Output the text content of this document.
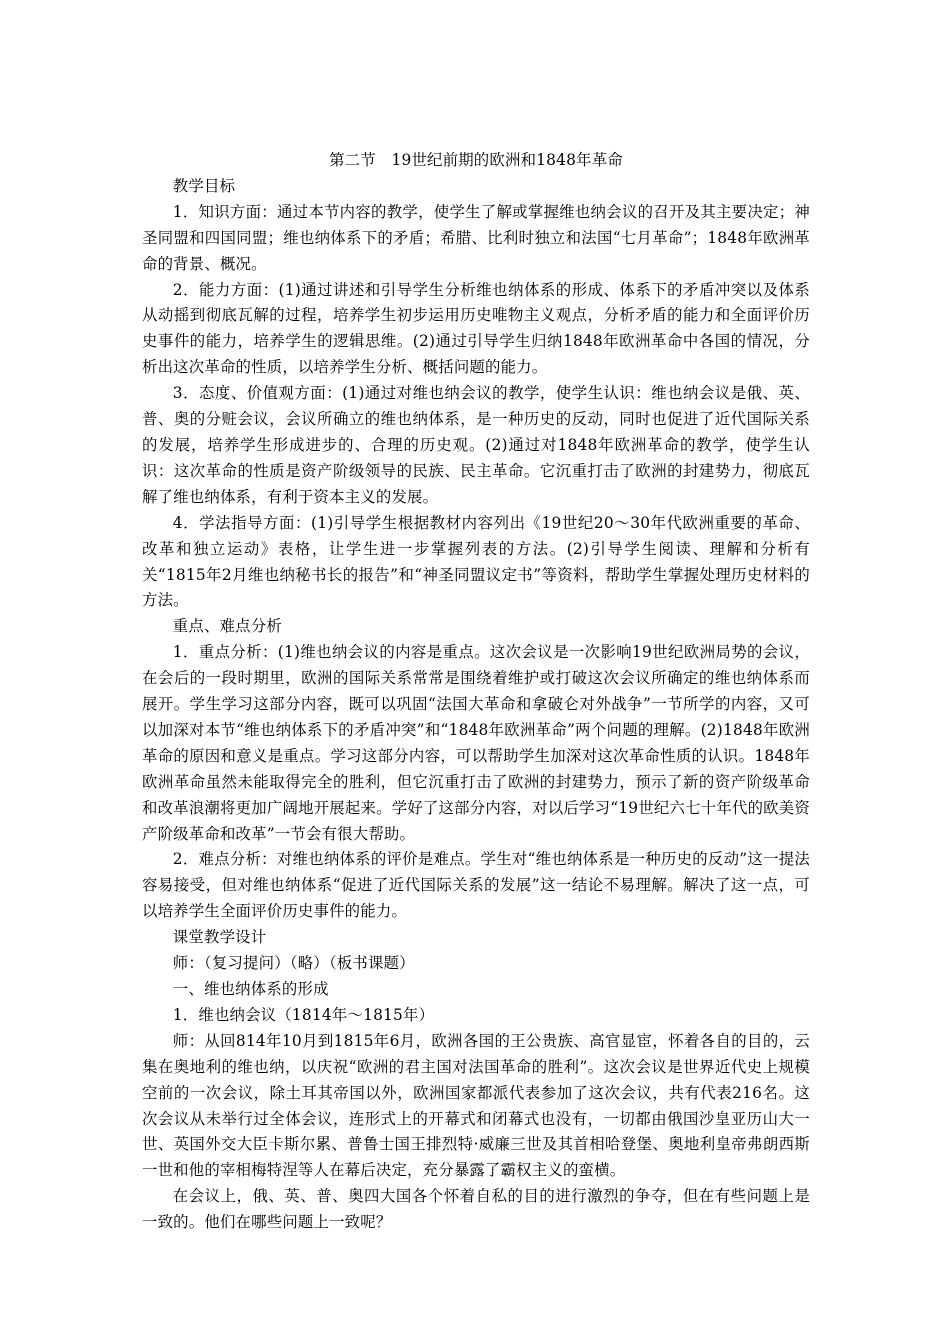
第二节　19世纪前期的欧洲和1848年革命

教学目标

1．知识方面：通过本节内容的教学，使学生了解或掌握维也纳会议的召开及其主要决定；神圣同盟和四国同盟；维也纳体系下的矛盾；希腊、比利时独立和法国“七月革命”；1848年欧洲革命的背景、概况。

2．能力方面：(1)通过讲述和引导学生分析维也纳体系的形成、体系下的矛盾冲突以及体系从动摇到彻底瓦解的过程，培养学生初步运用历史唯物主义观点，分析矛盾的能力和全面评价历史事件的能力，培养学生的逻辑思维。(2)通过引导学生归纳1848年欧洲革命中各国的情况，分析出这次革命的性质，以培养学生分析、概括问题的能力。

3．态度、价值观方面：(1)通过对维也纳会议的教学，使学生认识：维也纳会议是俄、英、普、奥的分赃会议，会议所确立的维也纳体系，是一种历史的反动，同时也促进了近代国际关系的发展，培养学生形成进步的、合理的历史观。(2)通过对1848年欧洲革命的教学，使学生认识：这次革命的性质是资产阶级领导的民族、民主革命。它沉重打击了欧洲的封建势力，彻底瓦解了维也纳体系，有利于资本主义的发展。

4．学法指导方面：(1)引导学生根据教材内容列出《19世纪20～30年代欧洲重要的革命、改革和独立运动》表格，让学生进一步掌握列表的方法。(2)引导学生阅读、理解和分析有关“1815年2月维也纳秘书长的报告”和“神圣同盟议定书”等资料，帮助学生掌握处理历史材料的方法。

重点、难点分析

1．重点分析：(1)维也纳会议的内容是重点。这次会议是一次影响19世纪欧洲局势的会议，在会后的一段时期里，欧洲的国际关系常常是围绕着维护或打破这次会议所确定的维也纳体系而展开。学生学习这部分内容，既可以巩固“法国大革命和拿破仑对外战争”一节所学的内容，又可以加深对本节“维也纳体系下的矛盾冲突”和“1848年欧洲革命”两个问题的理解。(2)1848年欧洲革命的原因和意义是重点。学习这部分内容，可以帮助学生加深对这次革命性质的认识。1848年欧洲革命虽然未能取得完全的胜利，但它沉重打击了欧洲的封建势力，预示了新的资产阶级革命和改革浪潮将更加广阔地开展起来。学好了这部分内容，对以后学习“19世纪六七十年代的欧美资产阶级革命和改革”一节会有很大帮助。

2．难点分析：对维也纳体系的评价是难点。学生对“维也纳体系是一种历史的反动”这一提法容易接受，但对维也纳体系“促进了近代国际关系的发展”这一结论不易理解。解决了这一点，可以培养学生全面评价历史事件的能力。

课堂教学设计

师：（复习提问）（略）（板书课题）

一、维也纳体系的形成

1．维也纳会议（1814年～1815年）

师：从回814年10月到1815年6月，欧洲各国的王公贵族、高官显宦，怀着各自的目的，云集在奥地利的维也纳，以庆祝“欧洲的君主国对法国革命的胜利”。这次会议是世界近代史上规模空前的一次会议，除土耳其帝国以外，欧洲国家都派代表参加了这次会议，共有代表216名。这次会议从未举行过全体会议，连形式上的开幕式和闭幕式也没有，一切都由俄国沙皇亚历山大一世、英国外交大臣卡斯尔累、普鲁士国王排烈特·威廉三世及其首相哈登堡、奥地利皇帝弗朗西斯一世和他的宰相梅特涅等人在幕后决定，充分暴露了霸权主义的蛮横。

在会议上，俄、英、普、奥四大国各个怀着自私的目的进行激烈的争夺，但在有些问题上是一致的。他们在哪些问题上一致呢？
